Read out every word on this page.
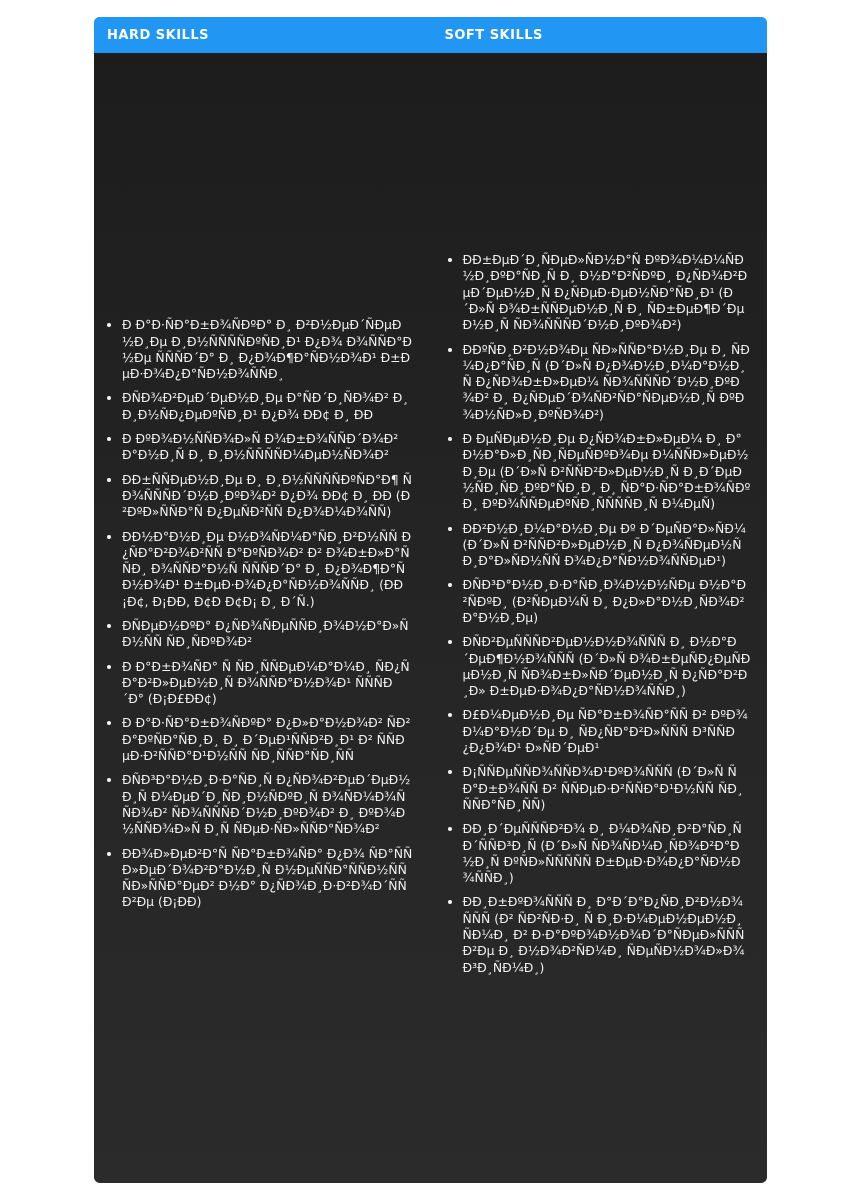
HARD SKILLS	SOFT SKILLS
• Ð Ð°Ð·ÑÐ°Ð±Ð¾ÑÐºÐ° Ð¸ Ð²Ð½ÐµÐ´ÑÐµÐ½Ð¸Ðµ Ð¸Ð½ÑÑÑÑÐºÑÐ¸Ð¹ Ð¿Ð¾ Ð¾ÑÑÐ°Ð½Ðµ ÑÑÑÐ´Ð° Ð¸ Ð¿Ð¾Ð¶Ð°ÑÐ½Ð¾Ð¹ Ð±ÐµÐ·Ð¾Ð¿Ð°ÑÐ½Ð¾ÑÑÐ¸
• ÐÑÐ¾Ð²ÐµÐ´ÐµÐ½Ð¸Ðµ Ð°ÑÐ´Ð¸ÑÐ¾Ð² Ð¸ Ð¸Ð½ÑÐ¿ÐµÐºÑÐ¸Ð¹ Ð¿Ð¾ ÐÐ¢ Ð¸ ÐÐ
• Ð ÐºÐ¾Ð½ÑÑÐ¾Ð»Ñ Ð¾Ð±Ð¾ÑÑÐ´Ð¾Ð²Ð°Ð½Ð¸Ñ Ð¸ Ð¸Ð½ÑÑÑÑÐ¼ÐµÐ½ÑÐ¾Ð²
• ÐÐ±ÑÑÐµÐ½Ð¸Ðµ Ð¸ Ð¸Ð½ÑÑÑÑÐºÑÐ°Ð¶ ÑÐ¾ÑÑÑÐ´Ð½Ð¸ÐºÐ¾Ð² Ð¿Ð¾ ÐÐ¢ Ð¸ ÐÐ (Ð²ÐºÐ»ÑÑÐ°Ñ Ð¿ÐµÑÐ²ÑÑ Ð¿Ð¾Ð¼Ð¾ÑÑ)
• ÐÐ½Ð°Ð½Ð¸Ðµ Ð½Ð¾ÑÐ¼Ð°ÑÐ¸Ð²Ð½ÑÑ Ð¿ÑÐ°Ð²Ð¾Ð²ÑÑ Ð°ÐºÑÐ¾Ð² Ð² Ð¾Ð±Ð»Ð°ÑÑÐ¸ Ð¾ÑÑÐ°Ð½Ñ ÑÑÑÐ´Ð° Ð¸ Ð¿Ð¾Ð¶Ð°ÑÐ½Ð¾Ð¹ Ð±ÐµÐ·Ð¾Ð¿Ð°ÑÐ½Ð¾ÑÑÐ¸ (ÐÐ¡Ð¢, Ð¡ÐÐ, Ð¢Ð Ð¢Ð¡ Ð¸ Ð´Ñ.)
• ÐÑÐµÐ½ÐºÐ° Ð¿ÑÐ¾ÑÐµÑÑÐ¸Ð¾Ð½Ð°Ð»ÑÐ½ÑÑ ÑÐ¸ÑÐºÐ¾Ð²
• Ð Ð°Ð±Ð¾ÑÐ° Ñ ÑÐ¸ÑÑÐµÐ¼Ð°Ð¼Ð¸ ÑÐ¿ÑÐ°Ð²Ð»ÐµÐ½Ð¸Ñ Ð¾ÑÑÐ°Ð½Ð¾Ð¹ ÑÑÑÐ´Ð° (Ð¡Ð£ÐÐ¢)
• Ð Ð°Ð·ÑÐ°Ð±Ð¾ÑÐºÐ° Ð¿Ð»Ð°Ð½Ð¾Ð² ÑÐ²Ð°ÐºÑÐ°ÑÐ¸Ð¸ Ð¸ Ð´ÐµÐ¹ÑÑÐ²Ð¸Ð¹ Ð² ÑÑÐµÐ·Ð²ÑÑÐ°Ð¹Ð½ÑÑ ÑÐ¸ÑÑÐ°ÑÐ¸ÑÑ
• ÐÑÐ³Ð°Ð½Ð¸Ð·Ð°ÑÐ¸Ñ Ð¿ÑÐ¾Ð²ÐµÐ´ÐµÐ½Ð¸Ñ Ð¼ÐµÐ´Ð¸ÑÐ¸Ð½ÑÐºÐ¸Ñ Ð¾ÑÐ¼Ð¾ÑÑÐ¾Ð² ÑÐ¾ÑÑÑÐ´Ð½Ð¸ÐºÐ¾Ð² Ð¸ ÐºÐ¾Ð½ÑÑÐ¾Ð»Ñ Ð¸Ñ ÑÐµÐ·ÑÐ»ÑÑÐ°ÑÐ¾Ð²
• ÐÐ¾Ð»ÐµÐ²Ð°Ñ ÑÐ°Ð±Ð¾ÑÐ° Ð¿Ð¾ ÑÐ°ÑÑÐ»ÐµÐ´Ð¾Ð²Ð°Ð½Ð¸Ñ Ð½ÐµÑÑÐ°ÑÑÐ½ÑÑ ÑÐ»ÑÑÐ°ÐµÐ² Ð½Ð° Ð¿ÑÐ¾Ð¸Ð·Ð²Ð¾Ð´ÑÑÐ²Ðµ (Ð¡ÐÐ)
• ÐÐ±ÐµÐ´Ð¸ÑÐµÐ»ÑÐ½Ð°Ñ ÐºÐ¾Ð¼Ð¼ÑÐ½Ð¸ÐºÐ°ÑÐ¸Ñ Ð¸ Ð½Ð°Ð²ÑÐºÐ¸ Ð¿ÑÐ¾Ð²ÐµÐ´ÐµÐ½Ð¸Ñ Ð¿ÑÐµÐ·ÐµÐ½ÑÐ°ÑÐ¸Ð¹ (Ð´Ð»Ñ Ð¾Ð±ÑÑÐµÐ½Ð¸Ñ Ð¸ ÑÐ±ÐµÐ¶Ð´ÐµÐ½Ð¸Ñ ÑÐ¾ÑÑÑÐ´Ð½Ð¸ÐºÐ¾Ð²)
• ÐÐºÑÐ¸Ð²Ð½Ð¾Ðµ ÑÐ»ÑÑÐ°Ð½Ð¸Ðµ Ð¸ ÑÐ¼Ð¿Ð°ÑÐ¸Ñ (Ð´Ð»Ñ Ð¿Ð¾Ð½Ð¸Ð¼Ð°Ð½Ð¸Ñ Ð¿ÑÐ¾Ð±Ð»ÐµÐ¼ ÑÐ¾ÑÑÑÐ´Ð½Ð¸ÐºÐ¾Ð² Ð¸ Ð¿ÑÐµÐ´Ð¾ÑÐ²ÑÐ°ÑÐµÐ½Ð¸Ñ ÐºÐ¾Ð½ÑÐ»Ð¸ÐºÑÐ¾Ð²)
• Ð ÐµÑÐµÐ½Ð¸Ðµ Ð¿ÑÐ¾Ð±Ð»ÐµÐ¼ Ð¸ Ð°Ð½Ð°Ð»Ð¸ÑÐ¸ÑÐµÑÐºÐ¾Ðµ Ð¼ÑÑÐ»ÐµÐ½Ð¸Ðµ (Ð´Ð»Ñ Ð²ÑÑÐ²Ð»ÐµÐ½Ð¸Ñ Ð¸Ð´ÐµÐ½ÑÐ¸ÑÐ¸ÐºÐ°ÑÐ¸Ð¸ Ð¸ ÑÐ°Ð·ÑÐ°Ð±Ð¾ÑÐºÐ¸ ÐºÐ¾ÑÑÐµÐºÑÐ¸ÑÑÑÑÐ¸Ñ Ð¼ÐµÑ)
• ÐÐ²Ð½Ð¸Ð¼Ð°Ð½Ð¸Ðµ Ðº Ð´ÐµÑÐ°Ð»ÑÐ¼ (Ð´Ð»Ñ Ð²ÑÑÐ²Ð»ÐµÐ½Ð¸Ñ Ð¿Ð¾ÑÐµÐ½ÑÐ¸Ð°Ð»ÑÐ½ÑÑ Ð¾Ð¿Ð°ÑÐ½Ð¾ÑÑÐµÐ¹)
• ÐÑÐ³Ð°Ð½Ð¸Ð·Ð°ÑÐ¸Ð¾Ð½Ð½ÑÐµ Ð½Ð°Ð²ÑÐºÐ¸ (Ð²ÑÐµÐ¼Ñ Ð¸ Ð¿Ð»Ð°Ð½Ð¸ÑÐ¾Ð²Ð°Ð½Ð¸Ðµ)
• ÐÑÐ²ÐµÑÑÑÐ²ÐµÐ½Ð½Ð¾ÑÑÑ Ð¸ Ð½Ð°Ð´ÐµÐ¶Ð½Ð¾ÑÑÑ (Ð´Ð»Ñ Ð¾Ð±ÐµÑÐ¿ÐµÑÐµÐ½Ð¸Ñ ÑÐ¾Ð±Ð»ÑÐ´ÐµÐ½Ð¸Ñ Ð¿ÑÐ°Ð²Ð¸Ð» Ð±ÐµÐ·Ð¾Ð¿Ð°ÑÐ½Ð¾ÑÑÐ¸)
• Ð£Ð¼ÐµÐ½Ð¸Ðµ ÑÐ°Ð±Ð¾ÑÐ°ÑÑ Ð² ÐºÐ¾Ð¼Ð°Ð½Ð´Ðµ Ð¸ ÑÐ¿ÑÐ°Ð²Ð»ÑÑÑ Ð³ÑÑÐ¿Ð¿Ð¾Ð¹ Ð»ÑÐ´ÐµÐ¹
• Ð¡ÑÑÐµÑÑÐ¾ÑÑÐ¾Ð¹ÐºÐ¾ÑÑÑ (Ð´Ð»Ñ ÑÐ°Ð±Ð¾ÑÑ Ð² ÑÑÐµÐ·Ð²ÑÑÐ°Ð¹Ð½ÑÑ ÑÐ¸ÑÑÐ°ÑÐ¸ÑÑ)
• ÐÐ¸Ð´ÐµÑÑÑÐ²Ð¾ Ð¸ Ð¼Ð¾ÑÐ¸Ð²Ð°ÑÐ¸Ñ Ð´ÑÑÐ³Ð¸Ñ (Ð´Ð»Ñ ÑÐ¾ÑÐ¼Ð¸ÑÐ¾Ð²Ð°Ð½Ð¸Ñ ÐºÑÐ»ÑÑÑÑÑ Ð±ÐµÐ·Ð¾Ð¿Ð°ÑÐ½Ð¾ÑÑÐ¸)
• ÐÐ¸Ð±ÐºÐ¾ÑÑÑ Ð¸ Ð°Ð´Ð°Ð¿ÑÐ¸Ð²Ð½Ð¾ÑÑÑ (Ð² ÑÐ²ÑÐ·Ð¸ Ñ Ð¸Ð·Ð¼ÐµÐ½ÐµÐ½Ð¸ÑÐ¼Ð¸ Ð² Ð·Ð°ÐºÐ¾Ð½Ð¾Ð´Ð°ÑÐµÐ»ÑÑÑÐ²Ðµ Ð¸ Ð½Ð¾Ð²ÑÐ¼Ð¸ ÑÐµÑÐ½Ð¾Ð»Ð¾Ð³Ð¸ÑÐ¼Ð¸)
